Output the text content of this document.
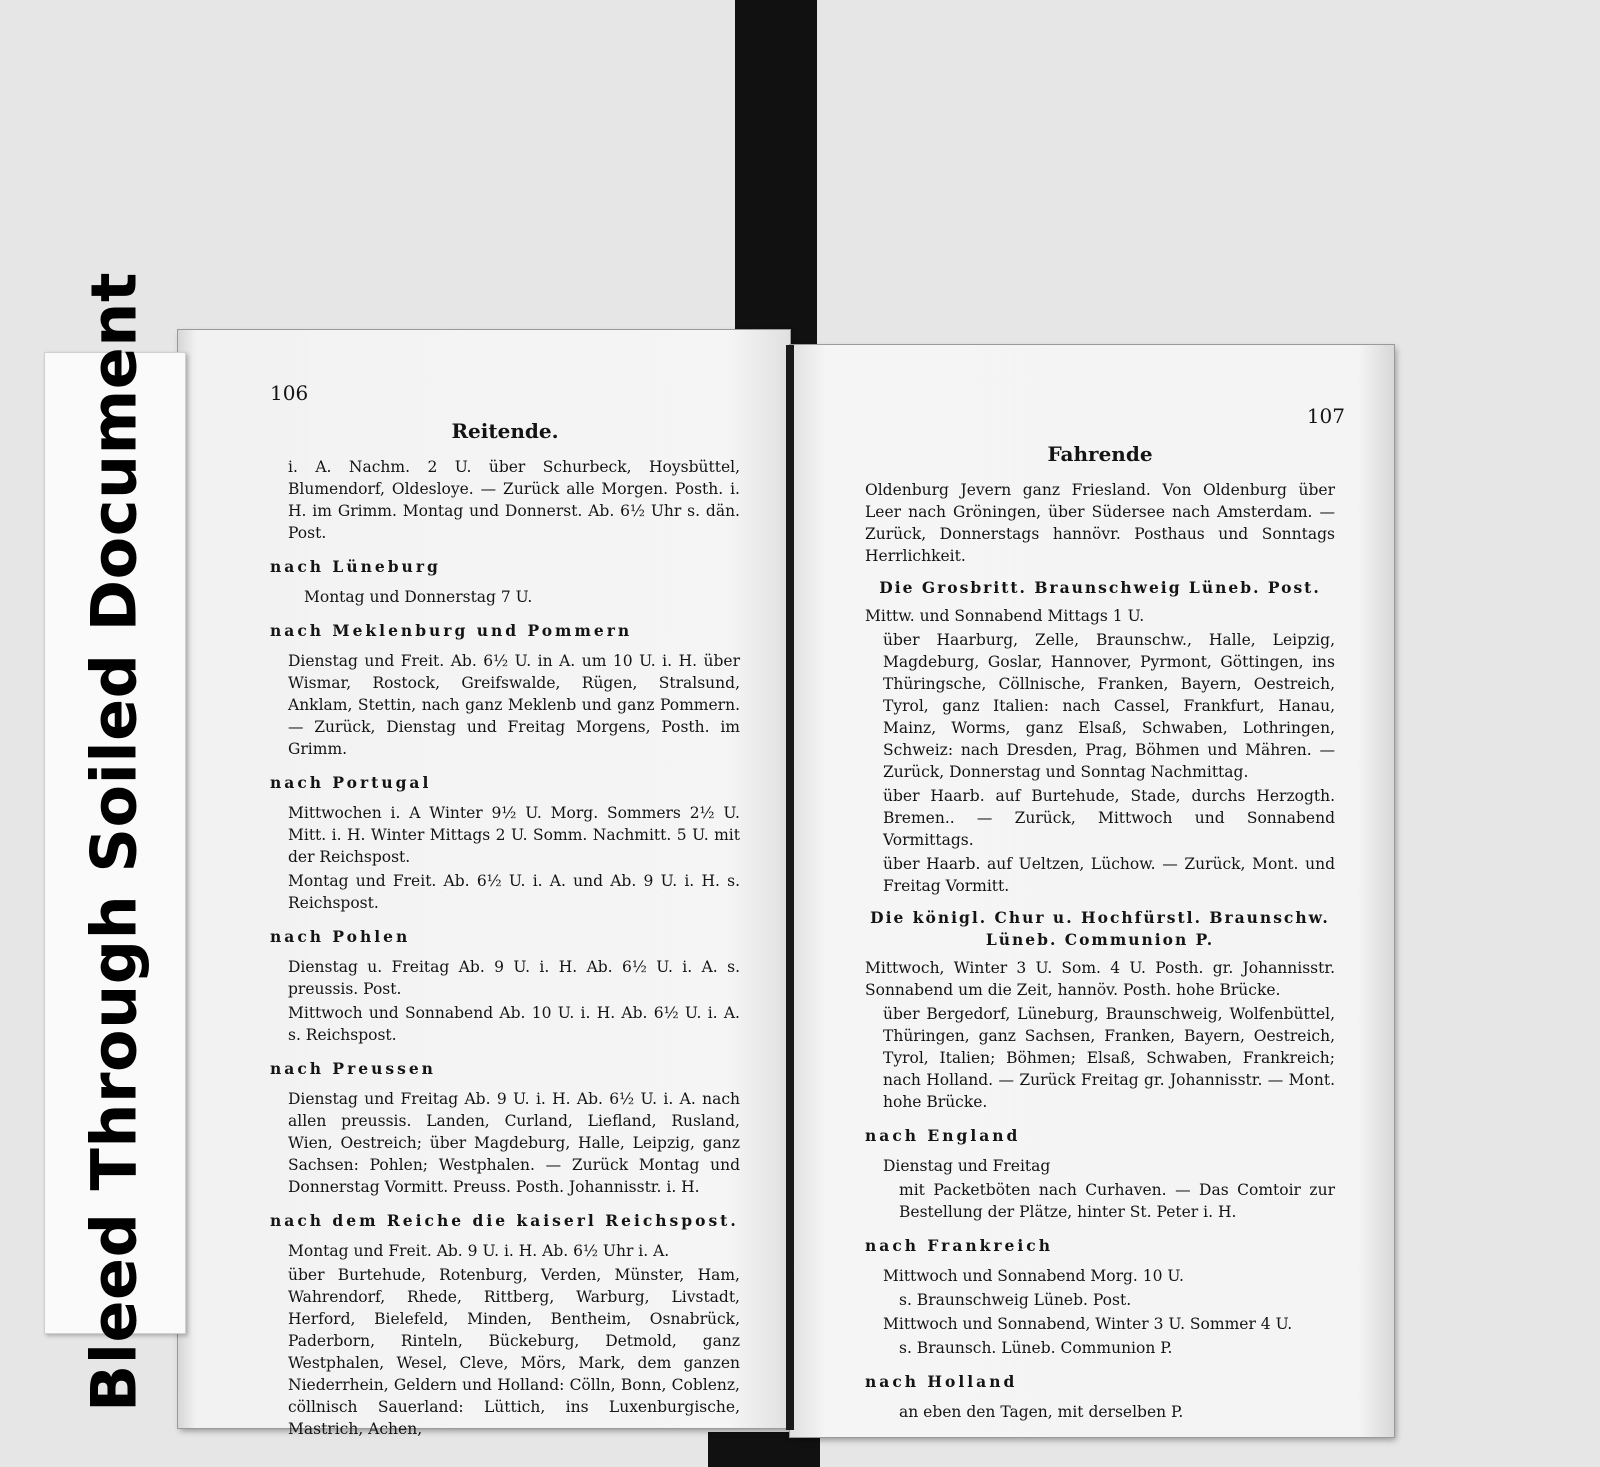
106
Reitende.
i. A. Nachm. 2 U. über Schurbeck, Hoysbüttel, Blumendorf, Oldesloye. — Zurück alle Morgen. Posth. i. H. im Grimm. Montag und Donnerst. Ab. 6½ Uhr s. dän. Post.
nach Lüneburg
Montag und Donnerstag 7 U.
nach Meklenburg und Pommern
Dienstag und Freit. Ab. 6½ U. in A. um 10 U. i. H. über Wismar, Rostock, Greifswalde, Rügen, Stralsund, Anklam, Stettin, nach ganz Meklenb und ganz Pommern. — Zurück, Dienstag und Freitag Morgens, Posth. im Grimm.
nach Portugal
Mittwochen i. A Winter 9½ U. Morg. Sommers 2½ U. Mitt. i. H. Winter Mittags 2 U. Somm. Nachmitt. 5 U. mit der Reichspost.
Montag und Freit. Ab. 6½ U. i. A. und Ab. 9 U. i. H. s. Reichspost.
nach Pohlen
Dienstag u. Freitag Ab. 9 U. i. H. Ab. 6½ U. i. A. s. preussis. Post.
Mittwoch und Sonnabend Ab. 10 U. i. H. Ab. 6½ U. i. A. s. Reichspost.
nach Preussen
Dienstag und Freitag Ab. 9 U. i. H. Ab. 6½ U. i. A. nach allen preussis. Landen, Curland, Liefland, Rusland, Wien, Oestreich; über Magdeburg, Halle, Leipzig, ganz Sachsen: Pohlen; Westphalen. — Zurück Montag und Donnerstag Vormitt. Preuss. Posth. Johannisstr. i. H.
nach dem Reiche die kaiserl Reichspost.
Montag und Freit. Ab. 9 U. i. H. Ab. 6½ Uhr i. A.
über Burtehude, Rotenburg, Verden, Münster, Ham, Wahrendorf, Rhede, Rittberg, Warburg, Livstadt, Herford, Bielefeld, Minden, Bentheim, Osnabrück, Paderborn, Rinteln, Bückeburg, Detmold, ganz Westphalen, Wesel, Cleve, Mörs, Mark, dem ganzen Niederrhein, Geldern und Holland: Cölln, Bonn, Coblenz, cöllnisch Sauerland: Lüttich, ins Luxenburgische, Mastrich, Achen,
107
Fahrende
Oldenburg Jevern ganz Friesland. Von Oldenburg über Leer nach Gröningen, über Südersee nach Amsterdam. — Zurück, Donnerstags hannövr. Posthaus und Sonntags Herrlichkeit.
Die Grosbritt. Braunschweig Lüneb. Post.
Mittw. und Sonnabend Mittags 1 U.
über Haarburg, Zelle, Braunschw., Halle, Leipzig, Magdeburg, Goslar, Hannover, Pyrmont, Göttingen, ins Thüringsche, Cöllnische, Franken, Bayern, Oestreich, Tyrol, ganz Italien: nach Cassel, Frankfurt, Hanau, Mainz, Worms, ganz Elsaß, Schwaben, Lothringen, Schweiz: nach Dresden, Prag, Böhmen und Mähren. — Zurück, Donnerstag und Sonntag Nachmittag.
über Haarb. auf Burtehude, Stade, durchs Herzogth. Bremen.. — Zurück, Mittwoch und Sonnabend Vormittags.
über Haarb. auf Ueltzen, Lüchow. — Zurück, Mont. und Freitag Vormitt.
Die königl. Chur u. Hochfürstl. Braunschw. Lüneb. Communion P.
Mittwoch, Winter 3 U. Som. 4 U. Posth. gr. Johannisstr. Sonnabend um die Zeit, hannöv. Posth. hohe Brücke.
über Bergedorf, Lüneburg, Braunschweig, Wolfenbüttel, Thüringen, ganz Sachsen, Franken, Bayern, Oestreich, Tyrol, Italien; Böhmen; Elsaß, Schwaben, Frankreich; nach Holland. — Zurück Freitag gr. Johannisstr. — Mont. hohe Brücke.
nach England
Dienstag und Freitag
mit Packetböten nach Curhaven. — Das Comtoir zur Bestellung der Plätze, hinter St. Peter i. H.
nach Frankreich
Mittwoch und Sonnabend Morg. 10 U.
s. Braunschweig Lüneb. Post.
Mittwoch und Sonnabend, Winter 3 U. Sommer 4 U.
s. Braunsch. Lüneb. Communion P.
nach Holland
an eben den Tagen, mit derselben P.
Bleed Through Soiled Document
